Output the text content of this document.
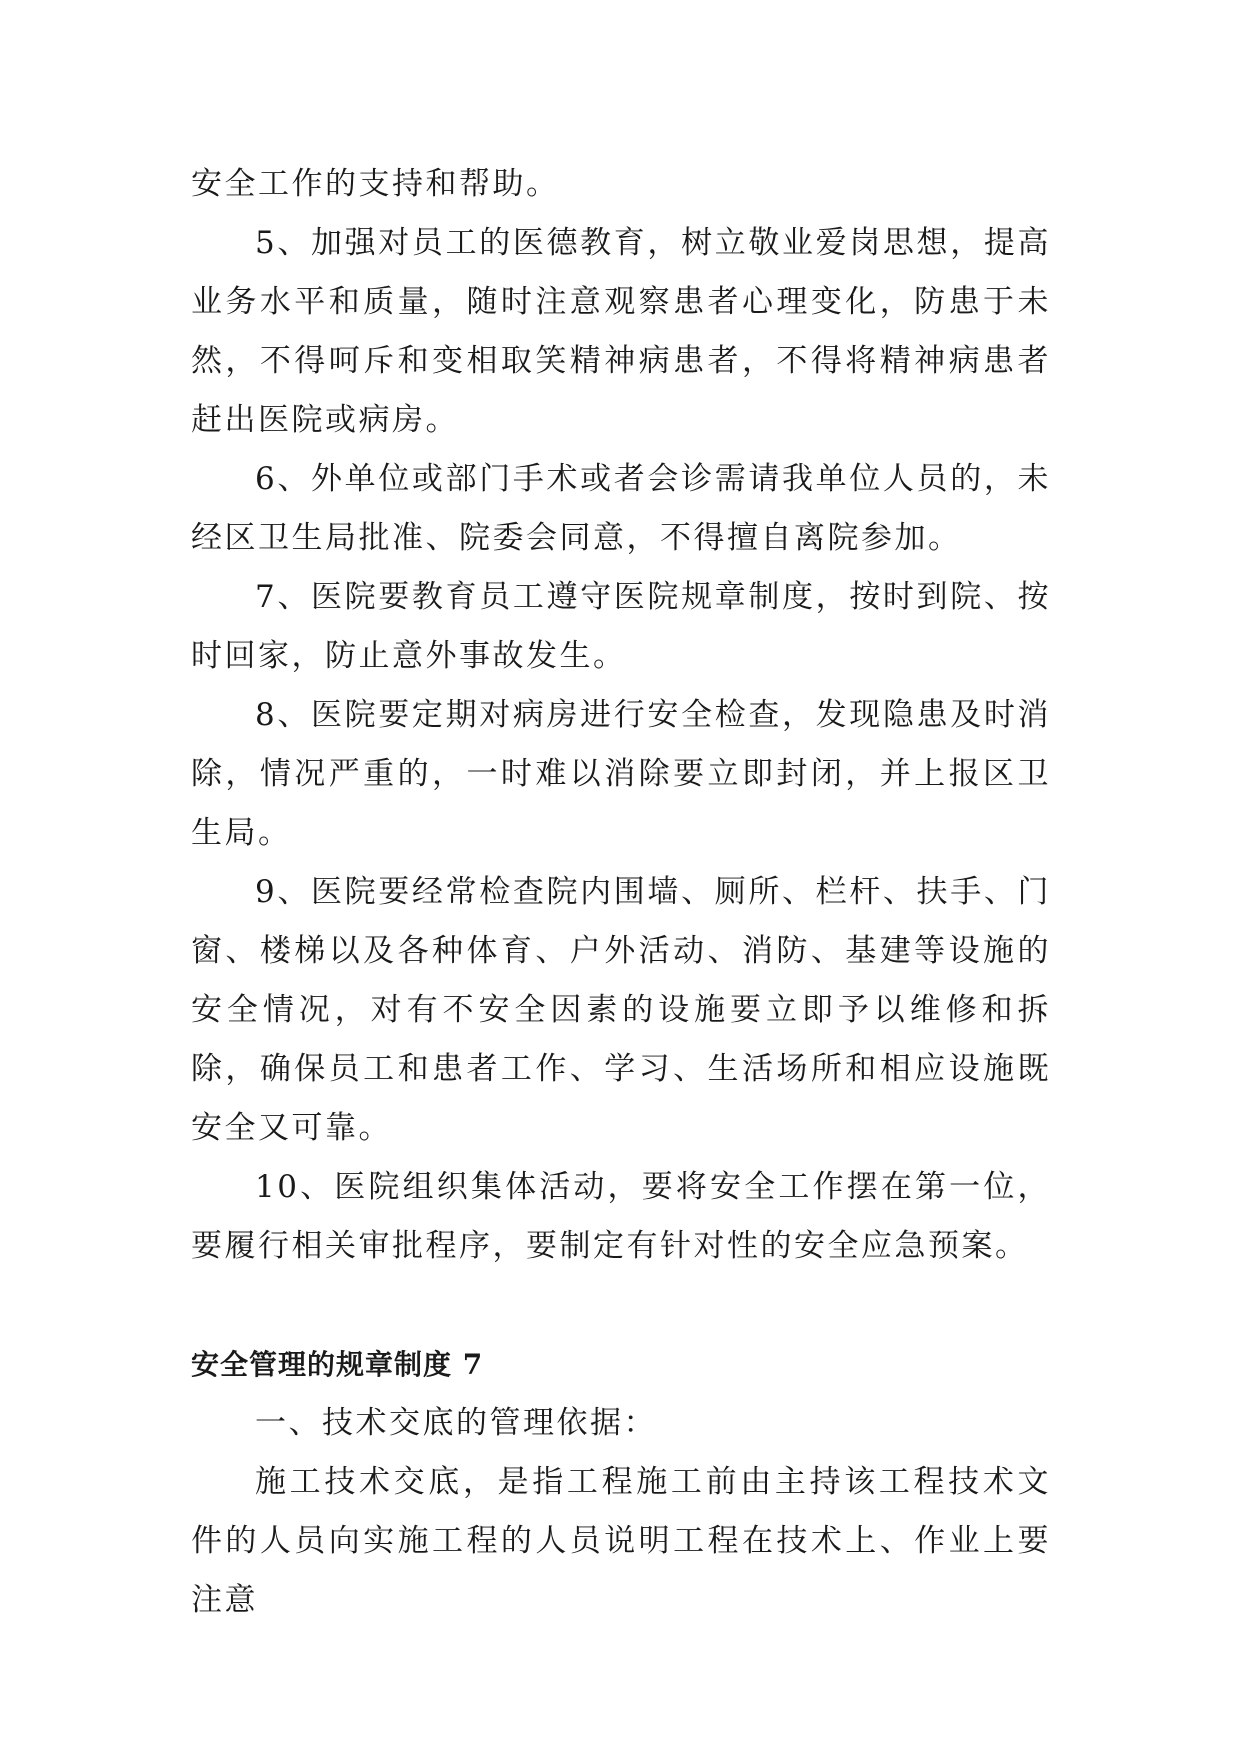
安全工作的支持和帮助。

5、加强对员工的医德教育，树立敬业爱岗思想，提高业务水平和质量，随时注意观察患者心理变化，防患于未然，不得呵斥和变相取笑精神病患者，不得将精神病患者赶出医院或病房。

6、外单位或部门手术或者会诊需请我单位人员的，未经区卫生局批准、院委会同意，不得擅自离院参加。

7、医院要教育员工遵守医院规章制度，按时到院、按时回家，防止意外事故发生。

8、医院要定期对病房进行安全检查，发现隐患及时消除，情况严重的，一时难以消除要立即封闭，并上报区卫生局。

9、医院要经常检查院内围墙、厕所、栏杆、扶手、门窗、楼梯以及各种体育、户外活动、消防、基建等设施的安全情况，对有不安全因素的设施要立即予以维修和拆除，确保员工和患者工作、学习、生活场所和相应设施既安全又可靠。

10、医院组织集体活动，要将安全工作摆在第一位，要履行相关审批程序，要制定有针对性的安全应急预案。

安全管理的规章制度 7

一、技术交底的管理依据：

施工技术交底，是指工程施工前由主持该工程技术文件的人员向实施工程的人员说明工程在技术上、作业上要注意
